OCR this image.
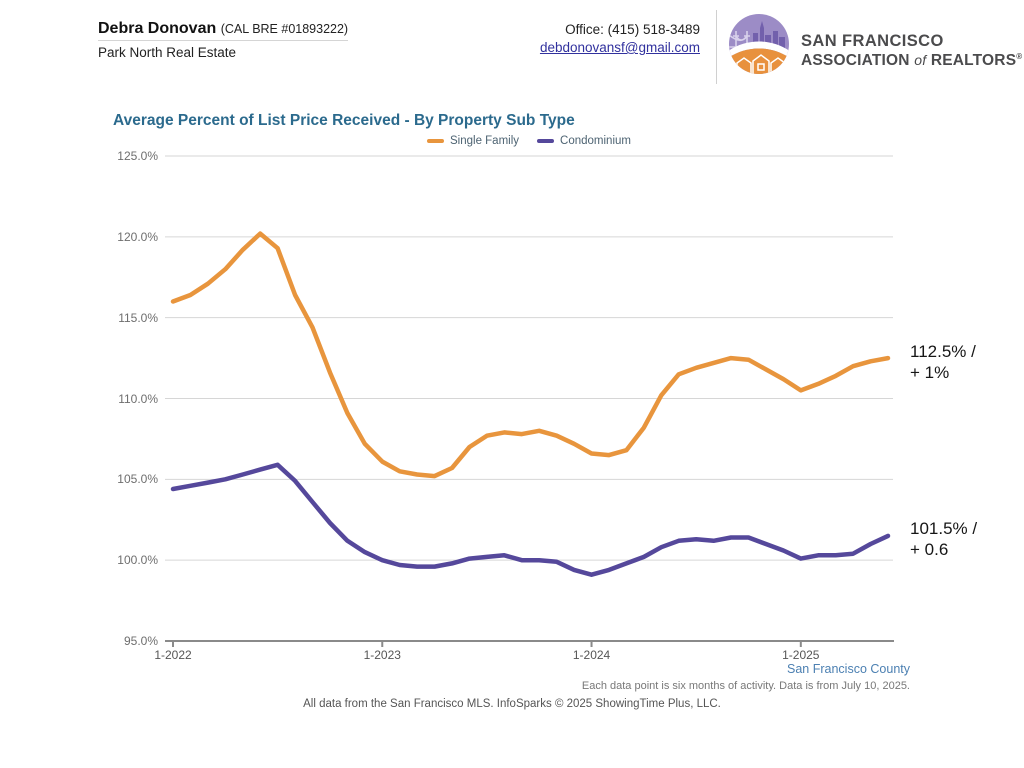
Debra Donovan (CAL BRE #01893222)
Park North Real Estate
Office: (415) 518-3489
debdonovansf@gmail.com	SAN FRANCISCO
ASSOCIATION of REALTORS®
Average Percent of List Price Received - By Property Sub Type
Single Family	Condominium
95.0%
100.0%
105.0%
110.0%
115.0%
120.0%
125.0%
1-2022	1-2023	1-2024	1-2025
112.5% /
+ 1%
101.5% /
+ 0.6
San Francisco County
Each data point is six months of activity. Data is from July 10, 2025.
All data from the San Francisco MLS. InfoSparks © 2025 ShowingTime Plus, LLC.
